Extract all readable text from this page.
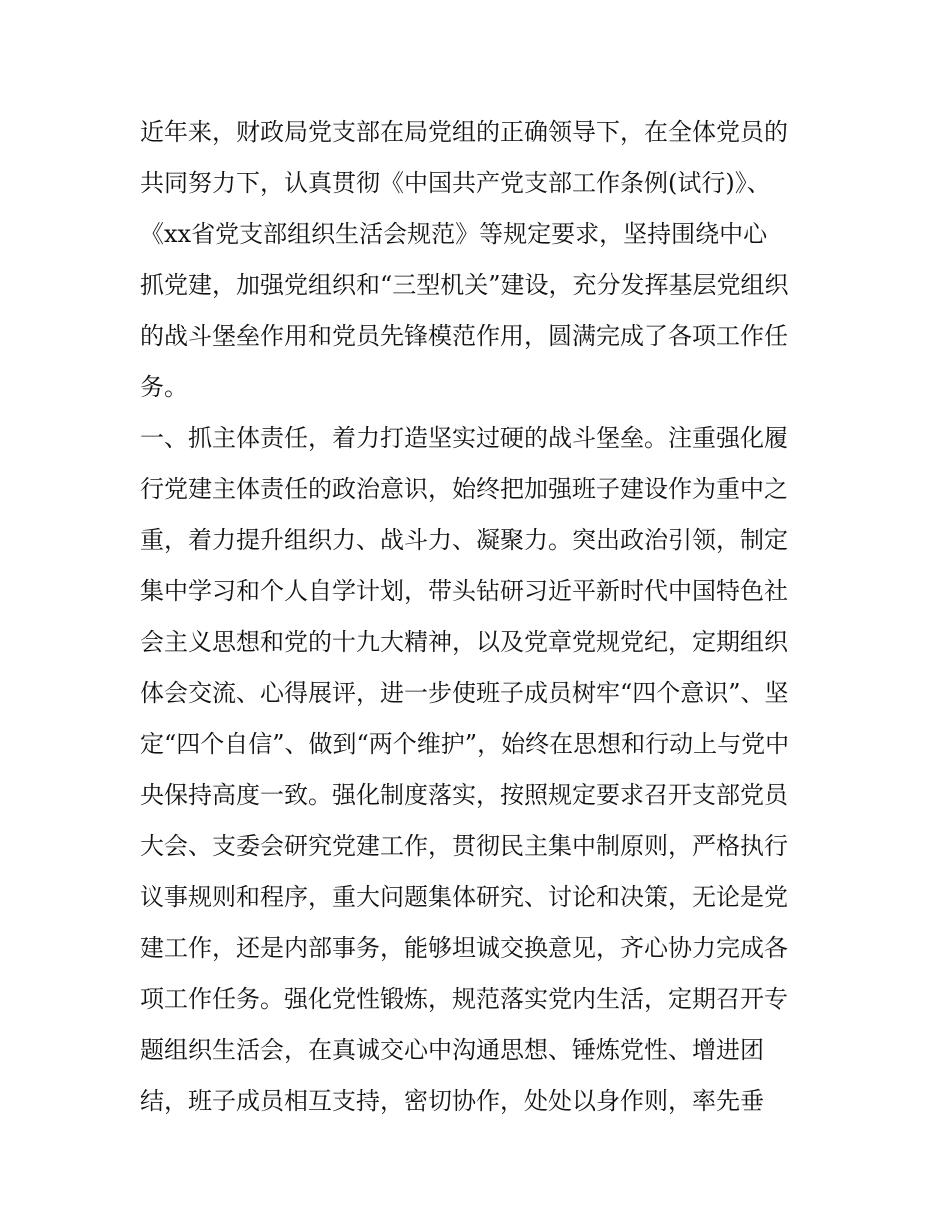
近年来，财政局党支部在局党组的正确领导下，在全体党员的
共同努力下，认真贯彻《中国共产党支部工作条例(试行)》、
《xx省党支部组织生活会规范》等规定要求，坚持围绕中心
抓党建，加强党组织和“三型机关”建设，充分发挥基层党组织
的战斗堡垒作用和党员先锋模范作用，圆满完成了各项工作任
务。
一、抓主体责任，着力打造坚实过硬的战斗堡垒。注重强化履
行党建主体责任的政治意识，始终把加强班子建设作为重中之
重，着力提升组织力、战斗力、凝聚力。突出政治引领，制定
集中学习和个人自学计划，带头钻研习近平新时代中国特色社
会主义思想和党的十九大精神，以及党章党规党纪，定期组织
体会交流、心得展评，进一步使班子成员树牢“四个意识”、坚
定“四个自信”、做到“两个维护”，始终在思想和行动上与党中
央保持高度一致。强化制度落实，按照规定要求召开支部党员
大会、支委会研究党建工作，贯彻民主集中制原则，严格执行
议事规则和程序，重大问题集体研究、讨论和决策，无论是党
建工作，还是内部事务，能够坦诚交换意见，齐心协力完成各
项工作任务。强化党性锻炼，规范落实党内生活，定期召开专
题组织生活会，在真诚交心中沟通思想、锤炼党性、增进团
结，班子成员相互支持，密切协作，处处以身作则，率先垂
